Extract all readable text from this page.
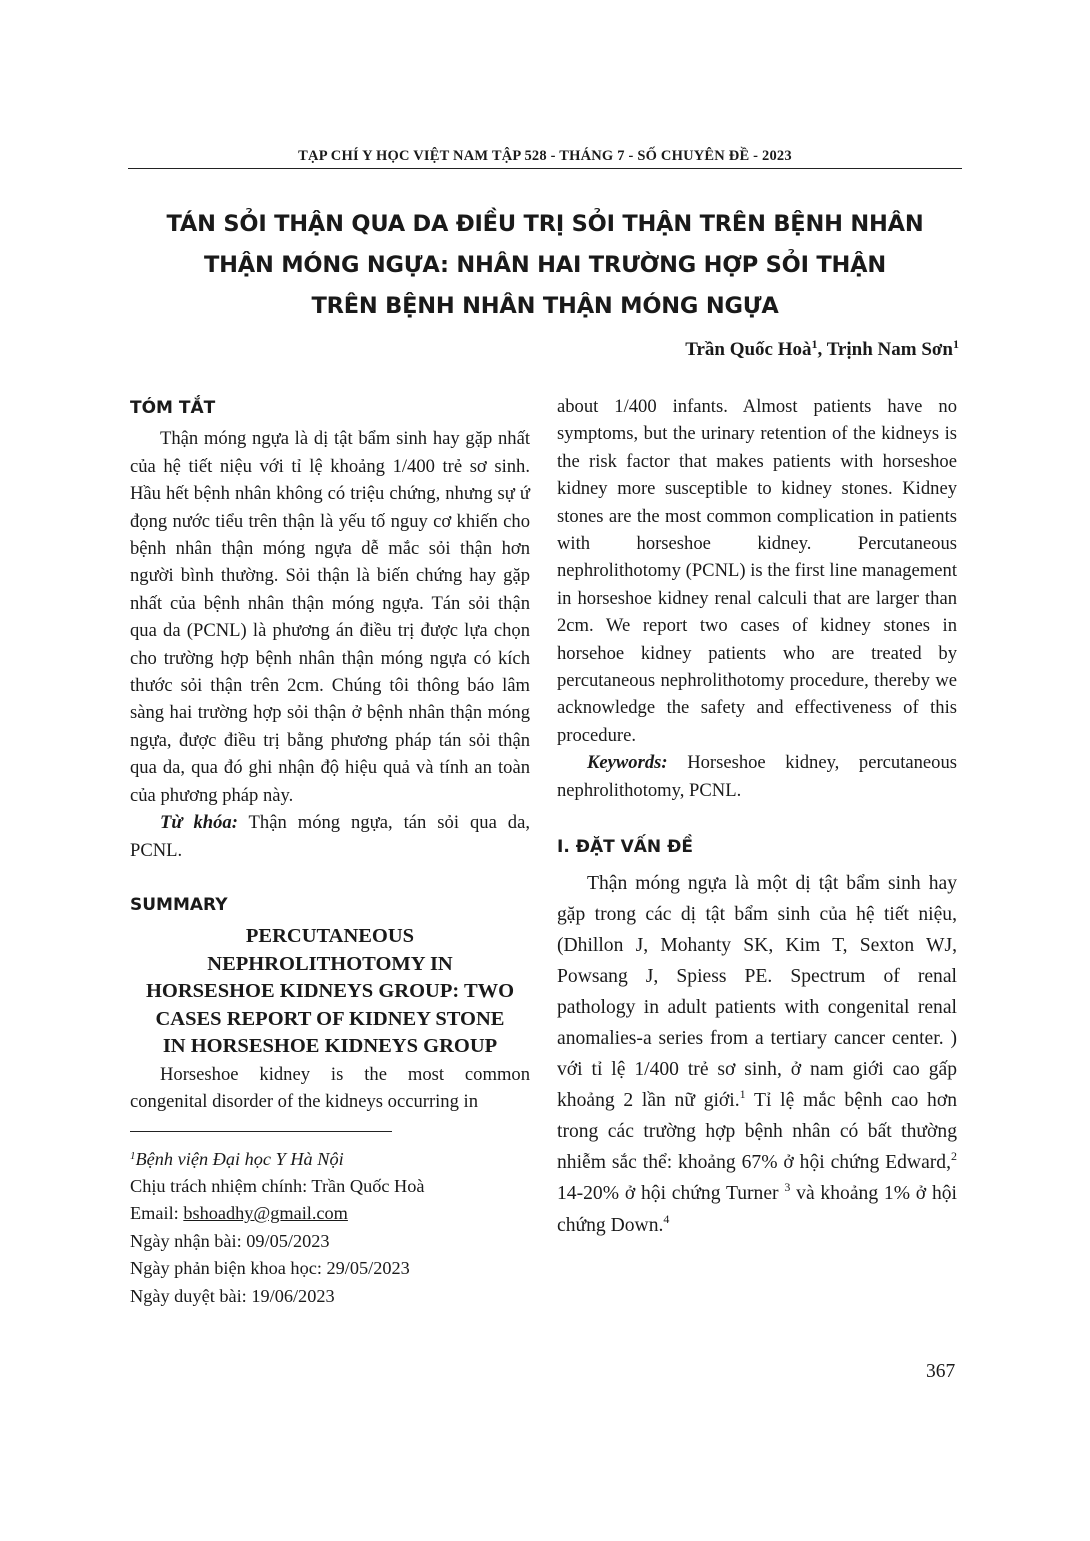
TẠP CHÍ Y HỌC VIỆT NAM TẬP 528 - THÁNG 7 - SỐ CHUYÊN ĐỀ - 2023
TÁN SỎI THẬN QUA DA ĐIỀU TRỊ SỎI THẬN TRÊN BỆNH NHÂN
THẬN MÓNG NGỰA: NHÂN HAI TRƯỜNG HỢP SỎI THẬN
TRÊN BỆNH NHÂN THẬN MÓNG NGỰA
Trần Quốc Hoà$^1$, Trịnh Nam Sơn$^1$
TÓM TẮT

Thận móng ngựa là dị tật bẩm sinh hay gặp nhất của hệ tiết niệu với tỉ lệ khoảng 1/400 trẻ sơ sinh. Hầu hết bệnh nhân không có triệu chứng, nhưng sự ứ đọng nước tiểu trên thận là yếu tố nguy cơ khiến cho bệnh nhân thận móng ngựa dễ mắc sỏi thận hơn người bình thường. Sỏi thận là biến chứng hay gặp nhất của bệnh nhân thận móng ngựa. Tán sỏi thận qua da (PCNL) là phương án điều trị được lựa chọn cho trường hợp bệnh nhân thận móng ngựa có kích thước sỏi thận trên 2cm. Chúng tôi thông báo lâm sàng hai trường hợp sỏi thận ở bệnh nhân thận móng ngựa, được điều trị bằng phương pháp tán sỏi thận qua da, qua đó ghi nhận độ hiệu quả và tính an toàn của phương pháp này.

Từ khóa: Thận móng ngựa, tán sỏi qua da, PCNL.

SUMMARY
PERCUTANEOUS
NEPHROLITHOTOMY IN
HORSESHOE KIDNEYS GROUP: TWO
CASES REPORT OF KIDNEY STONE
IN HORSESHOE KIDNEYS GROUP

Horseshoe kidney is the most common congenital disorder of the kidneys occurring in

$^1$Bệnh viện Đại học Y Hà Nội

Chịu trách nhiệm chính: Trần Quốc Hoà

Email: bshoadhy@gmail.com

Ngày nhận bài: 09/05/2023

Ngày phản biện khoa học: 29/05/2023

Ngày duyệt bài: 19/06/2023

about 1/400 infants. Almost patients have no symptoms, but the urinary retention of the kidneys is the risk factor that makes patients with horseshoe kidney more susceptible to kidney stones. Kidney stones are the most common complication in patients with horseshoe kidney. Percutaneous nephrolithotomy (PCNL) is the first line management in horseshoe kidney renal calculi that are larger than 2cm. We report two cases of kidney stones in horsehoe kidney patients who are treated by percutaneous nephrolithotomy procedure, thereby we acknowledge the safety and effectiveness of this procedure.

Keywords: Horseshoe kidney, percutaneous nephrolithotomy, PCNL.

I. ĐẶT VẤN ĐỀ

Thận móng ngựa là một dị tật bẩm sinh hay gặp trong các dị tật bẩm sinh của hệ tiết niệu, (Dhillon J, Mohanty SK, Kim T, Sexton WJ, Powsang J, Spiess PE. Spectrum of renal pathology in adult patients with congenital renal anomalies-a series from a tertiary cancer center. ) với tỉ lệ 1/400 trẻ sơ sinh, ở nam giới cao gấp khoảng 2 lần nữ giới.$^1$ Tỉ lệ mắc bệnh cao hơn trong các trường hợp bệnh nhân có bất thường nhiễm sắc thể: khoảng 67% ở hội chứng Edward,$^2$ 14-20% ở hội chứng Turner $^3$ và khoảng 1% ở hội chứng Down.$^4$

367
